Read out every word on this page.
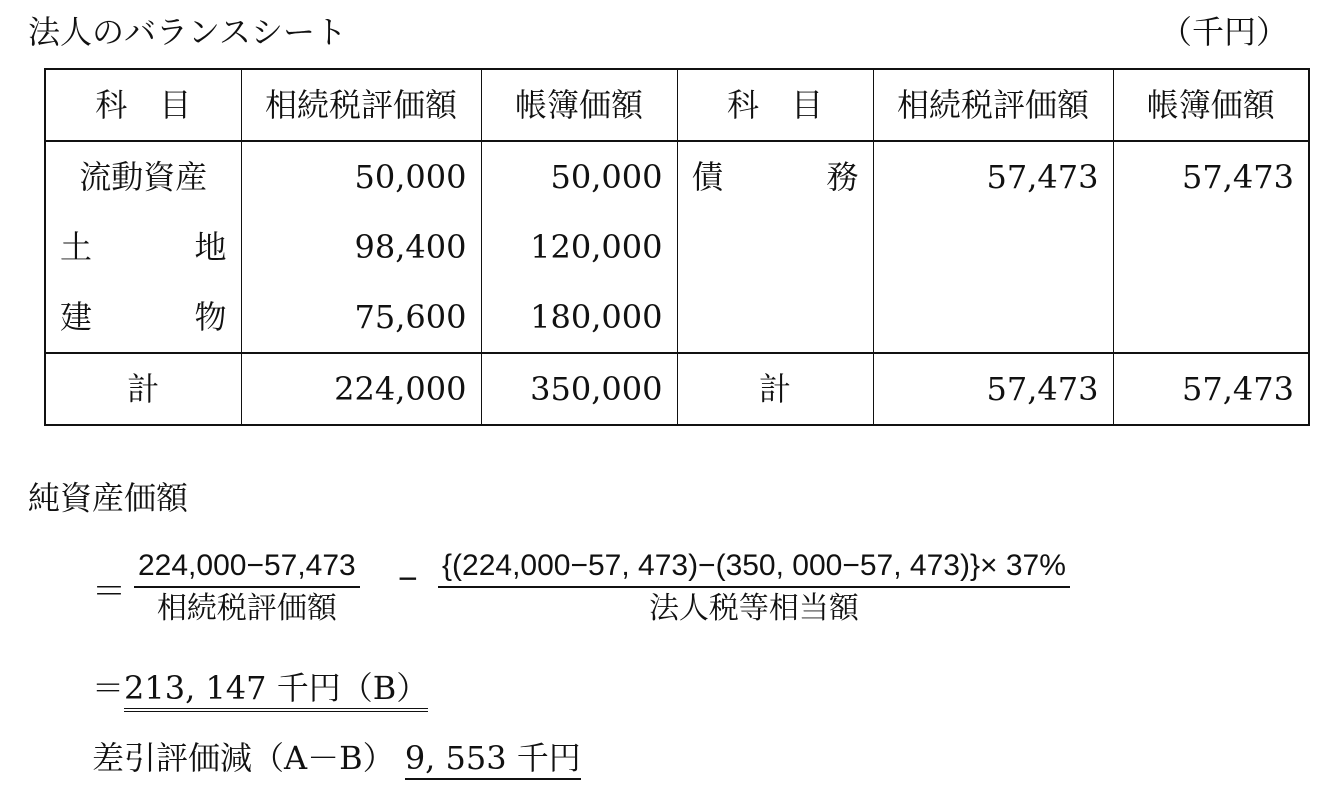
法人のバランスシート	（千円）
科　目	相続税評価額	帳簿価額	科　目	相続税評価額	帳簿価額
流動資産	50,000	50,000	債 務	57,473	57,473

土 地	98,400	120,000			

建 物	75,600	180,000			
計	224,000	350,000	計	57,473	57,473
純資産価額
＝
224,000−57,473
相続税評価額
− {(224,000−57, 473)−(350, 000−57, 473)}× 37%
法人税等相当額
＝213, 147 千円（B）
差引評価減（A－B） 9, 553 千円
